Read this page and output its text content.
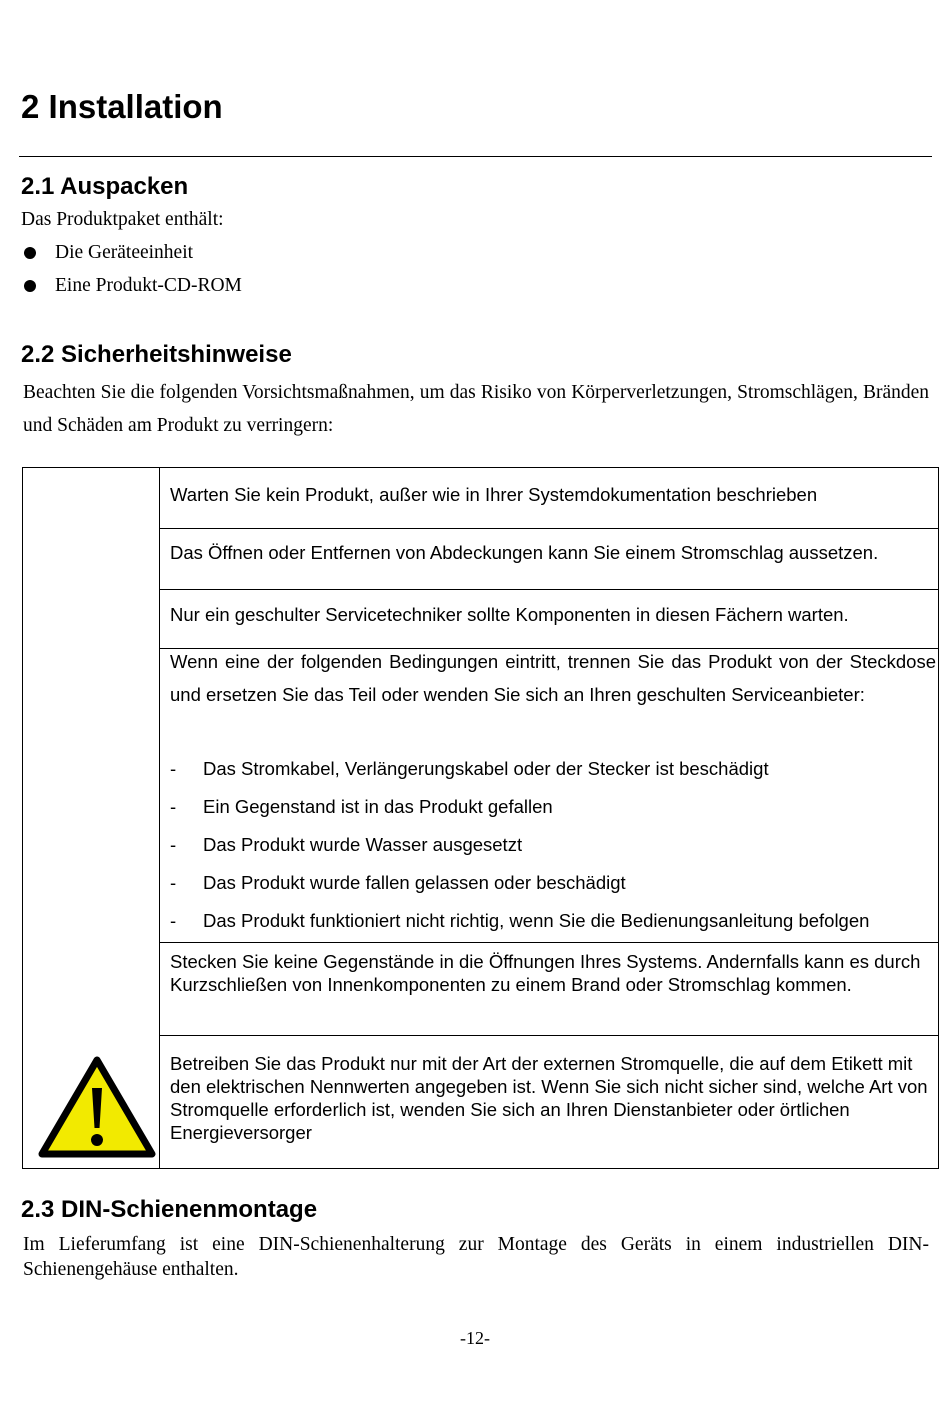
2 Installation
2.1 Auspacken

Das Produktpaket enthält:

Die Geräteeinheit
Eine Produkt-CD-ROM
2.2 Sicherheitshinweise

Beachten Sie die folgenden Vorsichtsmaßnahmen, um das Risiko von Körperverletzungen, Stromschlägen, Bränden und Schäden am Produkt zu verringern:

Warten Sie kein Produkt, außer wie in Ihrer Systemdokumentation beschrieben
Das Öffnen oder Entfernen von Abdeckungen kann Sie einem Stromschlag aussetzen.
Nur ein geschulter Servicetechniker sollte Komponenten in diesen Fächern warten.
Wenn eine der folgenden Bedingungen eintritt, trennen Sie das Produkt von der Steckdose und ersetzen Sie das Teil oder wenden Sie sich an Ihren geschulten Serviceanbieter:
- Das Stromkabel, Verlängerungskabel oder der Stecker ist beschädigt
- Ein Gegenstand ist in das Produkt gefallen
- Das Produkt wurde Wasser ausgesetzt
- Das Produkt wurde fallen gelassen oder beschädigt
- Das Produkt funktioniert nicht richtig, wenn Sie die Bedienungsanleitung befolgen
Stecken Sie keine Gegenstände in die Öffnungen Ihres Systems. Andernfalls kann es durch Kurzschließen von Innenkomponenten zu einem Brand oder Stromschlag kommen.
Betreiben Sie das Produkt nur mit der Art der externen Stromquelle, die auf dem Etikett mit den elektrischen Nennwerten angegeben ist. Wenn Sie sich nicht sicher sind, welche Art von Stromquelle erforderlich ist, wenden Sie sich an Ihren Dienstanbieter oder örtlichen Energieversorger
2.3 DIN-Schienenmontage

Im Lieferumfang ist eine DIN-Schienenhalterung zur Montage des Geräts in einem industriellen DIN-Schienengehäuse enthalten.

-12-
